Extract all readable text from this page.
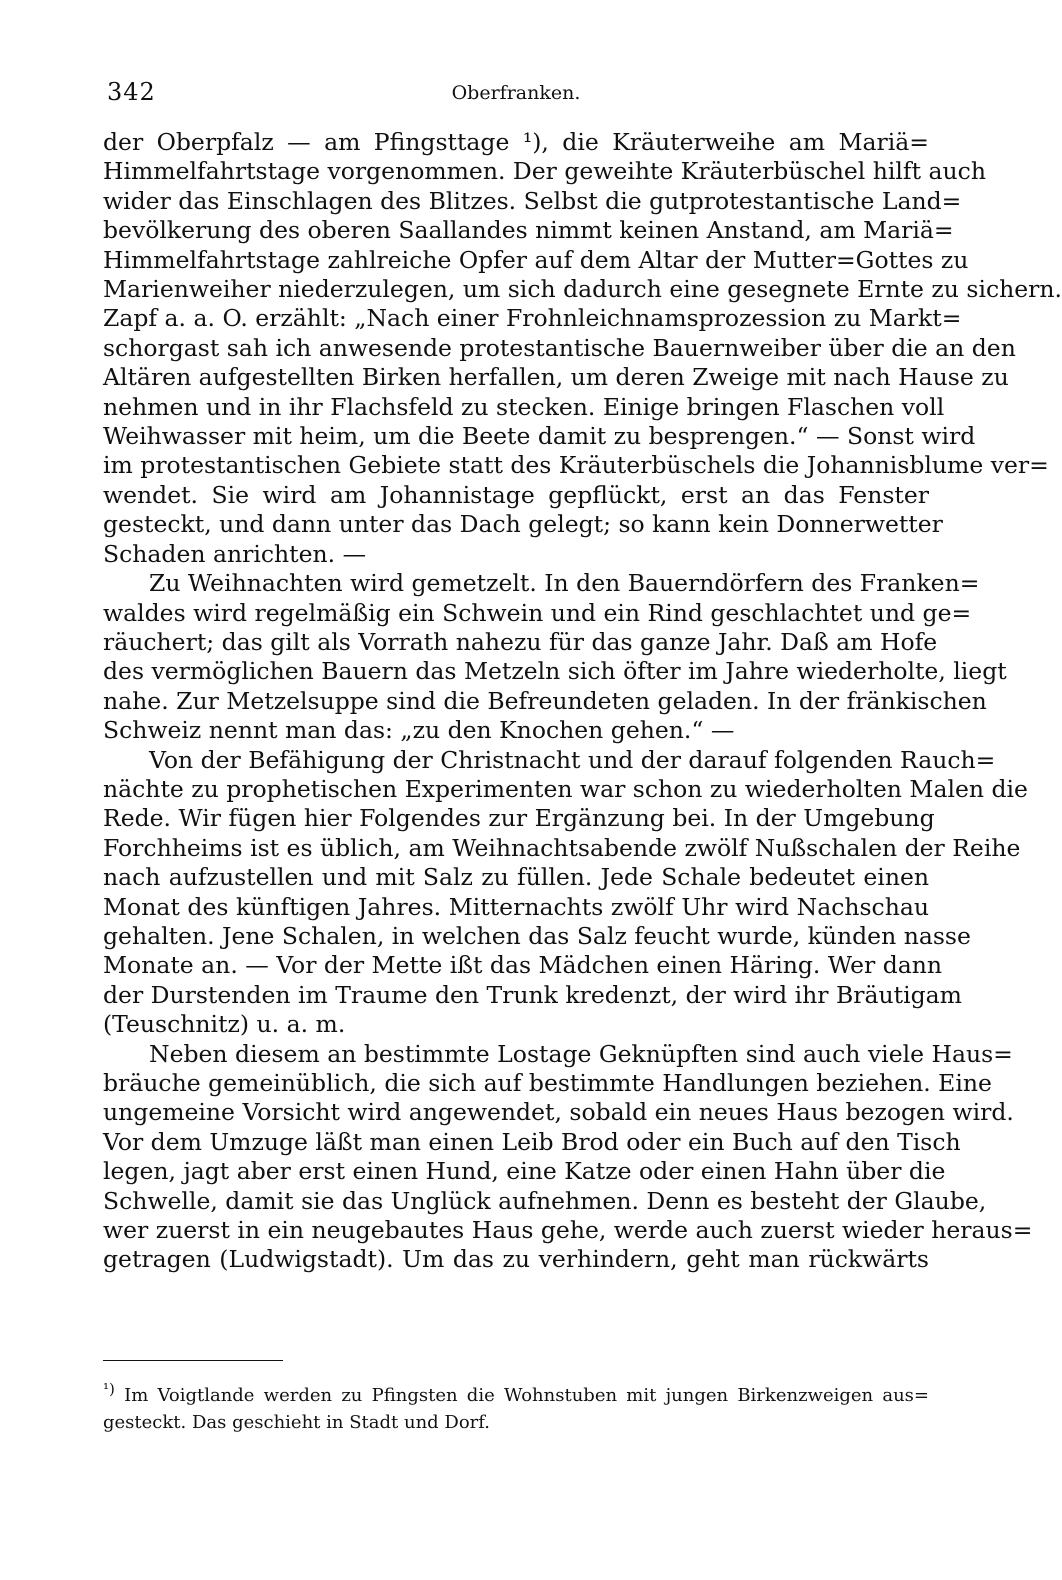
342	Oberfranken.
der Oberpfalz — am Pfingsttage ¹), die Kräuterweihe am Mariä=
Himmelfahrtstage vorgenommen. Der geweihte Kräuterbüschel hilft auch
wider das Einschlagen des Blitzes. Selbst die gutprotestantische Land=
bevölkerung des oberen Saallandes nimmt keinen Anstand, am Mariä=
Himmelfahrtstage zahlreiche Opfer auf dem Altar der Mutter=Gottes zu
Marienweiher niederzulegen, um sich dadurch eine gesegnete Ernte zu sichern.
Zapf a. a. O. erzählt: „Nach einer Frohnleichnamsprozession zu Markt=
schorgast sah ich anwesende protestantische Bauernweiber über die an den
Altären aufgestellten Birken herfallen, um deren Zweige mit nach Hause zu
nehmen und in ihr Flachsfeld zu stecken. Einige bringen Flaschen voll
Weihwasser mit heim, um die Beete damit zu besprengen.“ — Sonst wird
im protestantischen Gebiete statt des Kräuterbüschels die Johannisblume ver=
wendet. Sie wird am Johannistage gepflückt, erst an das Fenster
gesteckt, und dann unter das Dach gelegt; so kann kein Donnerwetter
Schaden anrichten. —
Zu Weihnachten wird gemetzelt. In den Bauerndörfern des Franken=
waldes wird regelmäßig ein Schwein und ein Rind geschlachtet und ge=
räuchert; das gilt als Vorrath nahezu für das ganze Jahr. Daß am Hofe
des vermöglichen Bauern das Metzeln sich öfter im Jahre wiederholte, liegt
nahe. Zur Metzelsuppe sind die Befreundeten geladen. In der fränkischen
Schweiz nennt man das: „zu den Knochen gehen.“ —
Von der Befähigung der Christnacht und der darauf folgenden Rauch=
nächte zu prophetischen Experimenten war schon zu wiederholten Malen die
Rede. Wir fügen hier Folgendes zur Ergänzung bei. In der Umgebung
Forchheims ist es üblich, am Weihnachtsabende zwölf Nußschalen der Reihe
nach aufzustellen und mit Salz zu füllen. Jede Schale bedeutet einen
Monat des künftigen Jahres. Mitternachts zwölf Uhr wird Nachschau
gehalten. Jene Schalen, in welchen das Salz feucht wurde, künden nasse
Monate an. — Vor der Mette ißt das Mädchen einen Häring. Wer dann
der Durstenden im Traume den Trunk kredenzt, der wird ihr Bräutigam
(Teuschnitz) u. a. m.
Neben diesem an bestimmte Lostage Geknüpften sind auch viele Haus=
bräuche gemeinüblich, die sich auf bestimmte Handlungen beziehen. Eine
ungemeine Vorsicht wird angewendet, sobald ein neues Haus bezogen wird.
Vor dem Umzuge läßt man einen Leib Brod oder ein Buch auf den Tisch
legen, jagt aber erst einen Hund, eine Katze oder einen Hahn über die
Schwelle, damit sie das Unglück aufnehmen. Denn es besteht der Glaube,
wer zuerst in ein neugebautes Haus gehe, werde auch zuerst wieder heraus=
getragen (Ludwigstadt). Um das zu verhindern, geht man rückwärts
$^{^1)}$ Im Voigtlande werden zu Pfingsten die Wohnstuben mit jungen Birkenzweigen aus=
gesteckt. Das geschieht in Stadt und Dorf.
